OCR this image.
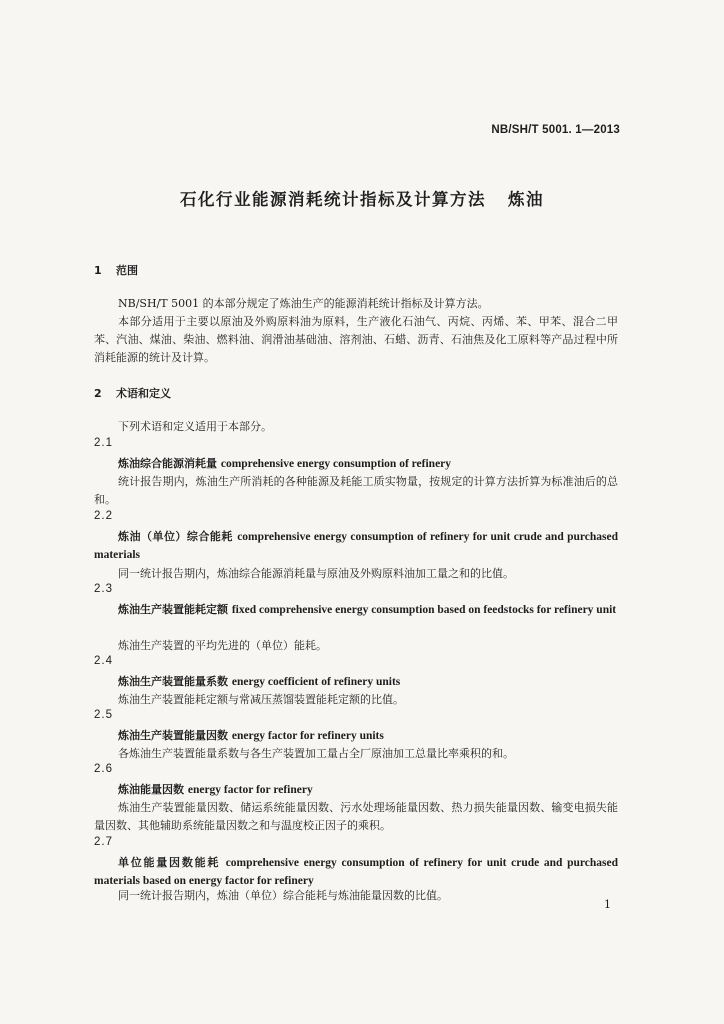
NB/SH/T 5001. 1—2013
石化行业能源消耗统计指标及计算方法 炼油
1 范围
NB/SH/T 5001 的本部分规定了炼油生产的能源消耗统计指标及计算方法。
本部分适用于主要以原油及外购原料油为原料，生产液化石油气、丙烷、丙烯、苯、甲苯、混合二甲苯、汽油、煤油、柴油、燃料油、润滑油基础油、溶剂油、石蜡、沥青、石油焦及化工原料等产品过程中所消耗能源的统计及计算。
2 术语和定义
下列术语和定义适用于本部分。
2.1
炼油综合能源消耗量 comprehensive energy consumption of refinery
统计报告期内，炼油生产所消耗的各种能源及耗能工质实物量，按规定的计算方法折算为标准油后的总和。
2.2
炼油（单位）综合能耗 comprehensive energy consumption of refinery for unit crude and purchased materials
同一统计报告期内，炼油综合能源消耗量与原油及外购原料油加工量之和的比值。
2.3
炼油生产装置能耗定额 fixed comprehensive energy consumption based on feedstocks for refinery unit
炼油生产装置的平均先进的（单位）能耗。
2.4
炼油生产装置能量系数 energy coefficient of refinery units
炼油生产装置能耗定额与常减压蒸馏装置能耗定额的比值。
2.5
炼油生产装置能量因数 energy factor for refinery units
各炼油生产装置能量系数与各生产装置加工量占全厂原油加工总量比率乘积的和。
2.6
炼油能量因数 energy factor for refinery
炼油生产装置能量因数、储运系统能量因数、污水处理场能量因数、热力损失能量因数、输变电损失能量因数、其他辅助系统能量因数之和与温度校正因子的乘积。
2.7
单位能量因数能耗 comprehensive energy consumption of refinery for unit crude and purchased materials based on energy factor for refinery
同一统计报告期内，炼油（单位）综合能耗与炼油能量因数的比值。
1
